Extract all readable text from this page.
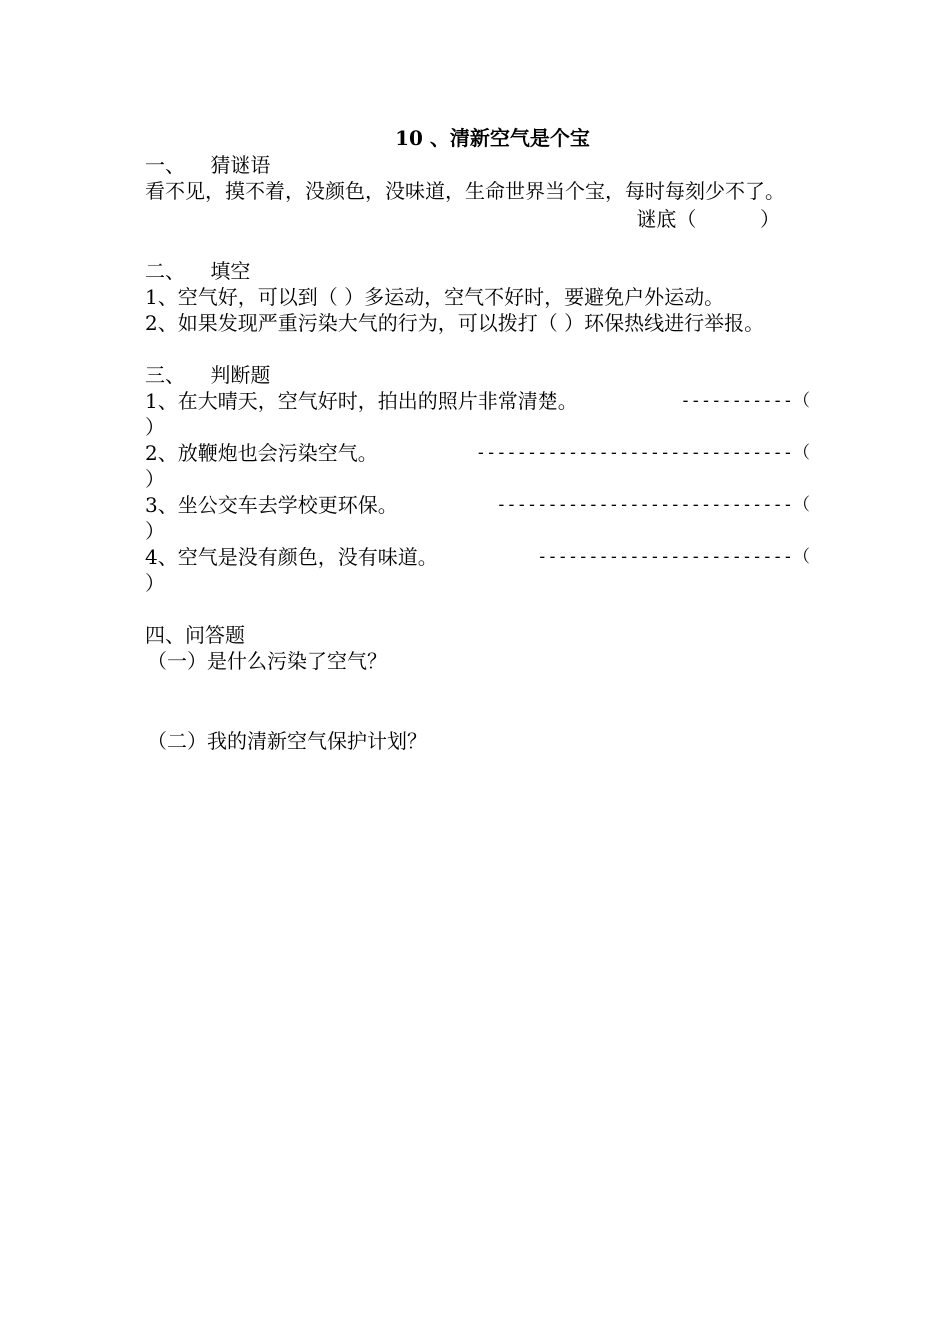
10 、清新空气是个宝
一、    猜谜语

看不见，摸不着，没颜色，没味道，生命世界当个宝，每时每刻少不了。

谜底（          ）
二、    填空

1、空气好，可以到（ ）多运动，空气不好时，要避免户外运动。

2、如果发现严重污染大气的行为，可以拨打（ ）环保热线进行举报。

三、    判断题
1、在大晴天，空气好时，拍出的照片非常清楚。	-----------（
）
2、放鞭炮也会污染空气。	-------------------------------（
）
3、坐公交车去学校更环保。	-----------------------------（
）
4、空气是没有颜色，没有味道。	-------------------------（
）
四、问答题
（一）是什么污染了空气？
（二）我的清新空气保护计划？
